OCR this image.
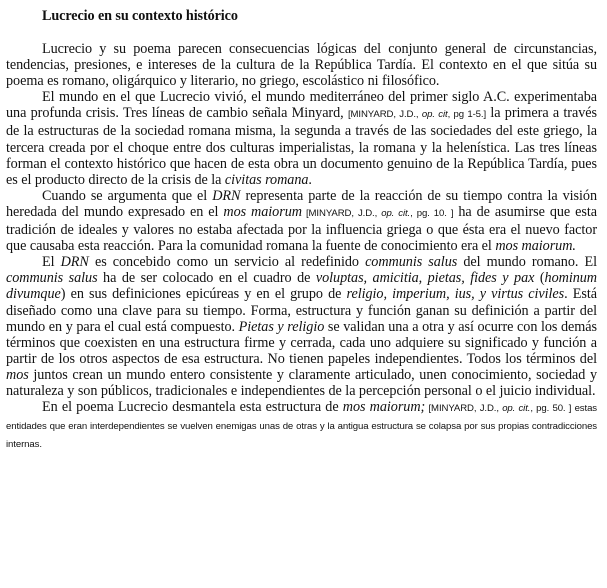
Lucrecio en su contexto histórico

Lucrecio y su poema parecen consecuencias lógicas del conjunto general de circunstancias, tendencias, presiones, e intereses de la cultura de la República Tardía. El contexto en el que sitúa su poema es romano, oligárquico y literario, no griego, escolástico ni filosófico.

El mundo en el que Lucrecio vivió, el mundo mediterráneo del primer siglo A.C. experimentaba una profunda crisis. Tres líneas de cambio señala Minyard, [MINYARD, J.D., op. cit, pg 1-5.] la primera a través de la estructuras de la sociedad romana misma, la segunda a través de las sociedades del este griego, la tercera creada por el choque entre dos culturas imperialistas, la romana y la helenística. Las tres líneas forman el contexto histórico que hacen de esta obra un documento genuino de la República Tardía, pues es el producto directo de la crisis de la civitas romana.

Cuando se argumenta que el DRN representa parte de la reacción de su tiempo contra la visión heredada del mundo expresado en el mos maiorum [MINYARD, J.D., op. cit., pg. 10. ] ha de asumirse que esta tradición de ideales y valores no estaba afectada por la influencia griega o que ésta era el nuevo factor que causaba esta reacción. Para la comunidad romana la fuente de conocimiento era el mos maiorum.

El DRN es concebido como un servicio al redefinido communis salus del mundo romano. El communis salus ha de ser colocado en el cuadro de voluptas, amicitia, pietas, fides y pax (hominum divumque) en sus definiciones epicúreas y en el grupo de religio, imperium, ius, y virtus civiles. Está diseñado como una clave para su tiempo. Forma, estructura y función ganan su definición a partir del mundo en y para el cual está compuesto. Pietas y religio se validan una a otra y así ocurre con los demás términos que coexisten en una estructura firme y cerrada, cada uno adquiere su significado y función a partir de los otros aspectos de esa estructura. No tienen papeles independientes. Todos los términos del mos juntos crean un mundo entero consistente y claramente articulado, unen conocimiento, sociedad y naturaleza y son públicos, tradicionales e independientes de la percepción personal o el juicio individual.

En el poema Lucrecio desmantela esta estructura de mos maiorum; [MINYARD, J.D., op. cit., pg. 50. ] estas entidades que eran interdependientes se vuelven enemigas unas de otras y la antigua estructura se colapsa por sus propias contradicciones internas.
